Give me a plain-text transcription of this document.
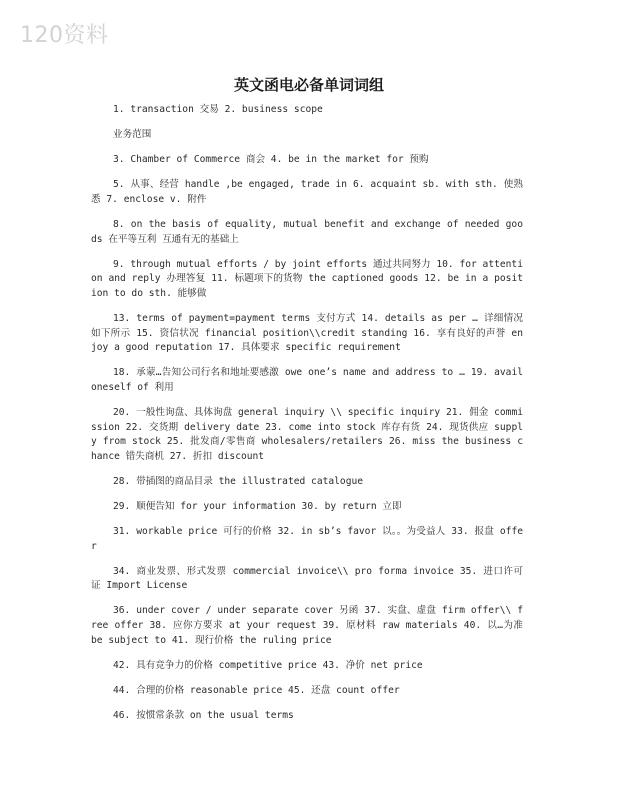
120资料
英文函电必备单词词组

1. transaction 交易 2. business scope

业务范围

3. Chamber of Commerce 商会 4. be in the market for 预购

5. 从事、经营 handle ,be engaged, trade in 6. acquaint sb. with sth. 使熟悉 7. enclose v. 附件

8. on the basis of equality, mutual benefit and exchange of needed goods 在平等互利 互通有无的基础上

9. through mutual efforts / by joint efforts 通过共同努力 10. for attention and reply 办理答复 11. 标题项下的货物 the captioned goods 12. be in a position to do sth. 能够做

13. terms of payment=payment terms 支付方式 14. details as per … 详细情况如下所示 15. 资信状况 financial position\\credit standing 16. 享有良好的声誉 enjoy a good reputation 17. 具体要求 specific requirement

18. 承蒙…告知公司行名和地址要感激 owe one’s name and address to … 19. avail oneself of 利用

20. 一般性询盘、具体询盘 general inquiry \\ specific inquiry 21. 佣金 commission 22. 交货期 delivery date 23. come into stock 库存有货 24. 现货供应 supply from stock 25. 批发商/零售商 wholesalers/retailers 26. miss the business chance 错失商机 27. 折扣 discount

28. 带插图的商品目录 the illustrated catalogue

29. 顺便告知 for your information 30. by return 立即

31. workable price 可行的价格 32. in sb’s favor 以。。为受益人 33. 报盘 offer

34. 商业发票、形式发票 commercial invoice\\ pro forma invoice 35. 进口许可证 Import License

36. under cover / under separate cover 另函 37. 实盘、虚盘 firm offer\\ free offer 38. 应你方要求 at your request 39. 原材料 raw materials 40. 以…为准 be subject to 41. 现行价格 the ruling price

42. 具有竞争力的价格 competitive price 43. 净价 net price

44. 合理的价格 reasonable price 45. 还盘 count offer

46. 按惯常条款 on the usual terms
